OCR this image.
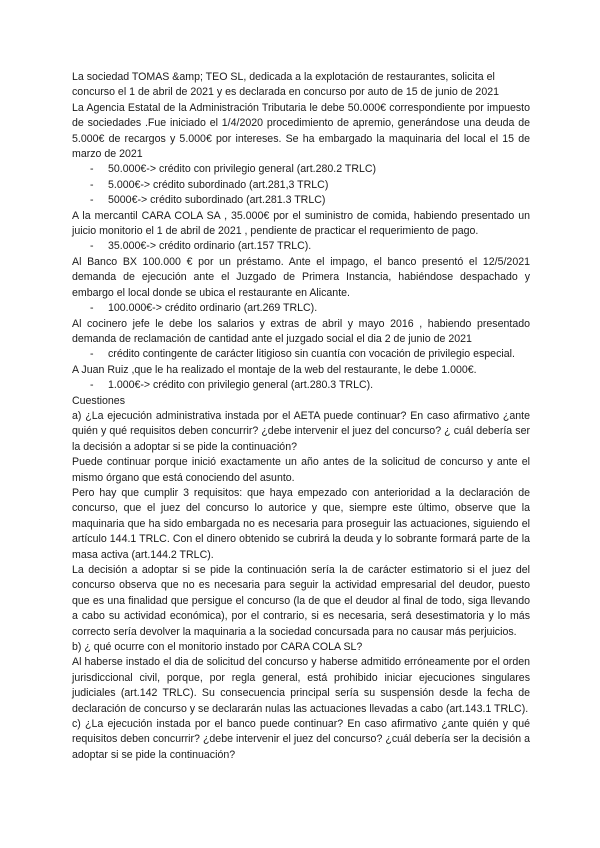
La sociedad TOMAS &amp; TEO SL, dedicada a la explotación de restaurantes, solicita el concurso el 1 de abril de 2021 y es declarada en concurso por auto de 15 de junio de 2021

La Agencia Estatal de la Administración Tributaria le debe 50.000€ correspondiente por impuesto de sociedades .Fue iniciado el 1/4/2020 procedimiento de apremio, generándose una deuda de 5.000€ de recargos y 5.000€ por intereses. Se ha embargado la maquinaria del local el 15 de marzo de 2021

- 50.000€-> crédito con privilegio general (art.280.2 TRLC)
- 5.000€-> crédito subordinado (art.281,3 TRLC)
- 5000€-> crédito subordinado (art.281.3 TRLC)

A la mercantil CARA COLA SA , 35.000€ por el suministro de comida, habiendo presentado un juicio monitorio el 1 de abril de 2021 , pendiente de practicar el requerimiento de pago.

- 35.000€-> crédito ordinario (art.157 TRLC).

Al Banco BX 100.000 € por un préstamo. Ante el impago, el banco presentó el 12/5/2021 demanda de ejecución ante el Juzgado de Primera Instancia, habiéndose despachado y embargo el local donde se ubica el restaurante en Alicante.

- 100.000€-> crédito ordinario (art.269 TRLC).

Al cocinero jefe le debe los salarios y extras de abril y mayo 2016 , habiendo presentado demanda de reclamación de cantidad ante el juzgado social el dia 2 de junio de 2021

- crédito contingente de carácter litigioso sin cuantía con vocación de privilegio especial.

A Juan Ruiz ,que le ha realizado el montaje de la web del restaurante, le debe 1.000€.

- 1.000€-> crédito con privilegio general (art.280.3 TRLC).

Cuestiones

a) ¿La ejecución administrativa instada por el AETA puede continuar? En caso afirmativo ¿ante quién y qué requisitos deben concurrir? ¿debe intervenir el juez del concurso? ¿ cuál debería ser la decisión a adoptar si se pide la continuación?

Puede continuar porque inició exactamente un año antes de la solicitud de concurso y ante el mismo órgano que está conociendo del asunto.

Pero hay que cumplir 3 requisitos: que haya empezado con anterioridad a la declaración de concurso, que el juez del concurso lo autorice y que, siempre este último, observe que la maquinaria que ha sido embargada no es necesaria para proseguir las actuaciones, siguiendo el artículo 144.1 TRLC. Con el dinero obtenido se cubrirá la deuda y lo sobrante formará parte de la masa activa (art.144.2 TRLC).

La decisión a adoptar si se pide la continuación sería la de carácter estimatorio si el juez del concurso observa que no es necesaria para seguir la actividad empresarial del deudor, puesto que es una finalidad que persigue el concurso (la de que el deudor al final de todo, siga llevando a cabo su actividad económica), por el contrario, si es necesaria, será desestimatoria y lo más correcto sería devolver la maquinaria a la sociedad concursada para no causar más perjuicios.

b) ¿ qué ocurre con el monitorio instado por CARA COLA SL?

Al haberse instado el dia de solicitud del concurso y haberse admitido erróneamente por el orden jurisdiccional civil, porque, por regla general, está prohibido iniciar ejecuciones singulares judiciales (art.142 TRLC). Su consecuencia principal sería su suspensión desde la fecha de declaración de concurso y se declararán nulas las actuaciones llevadas a cabo (art.143.1 TRLC).

c) ¿La ejecución instada por el banco puede continuar? En caso afirmativo ¿ante quién y qué requisitos deben concurrir? ¿debe intervenir el juez del concurso? ¿cuál debería ser la decisión a adoptar si se pide la continuación?
